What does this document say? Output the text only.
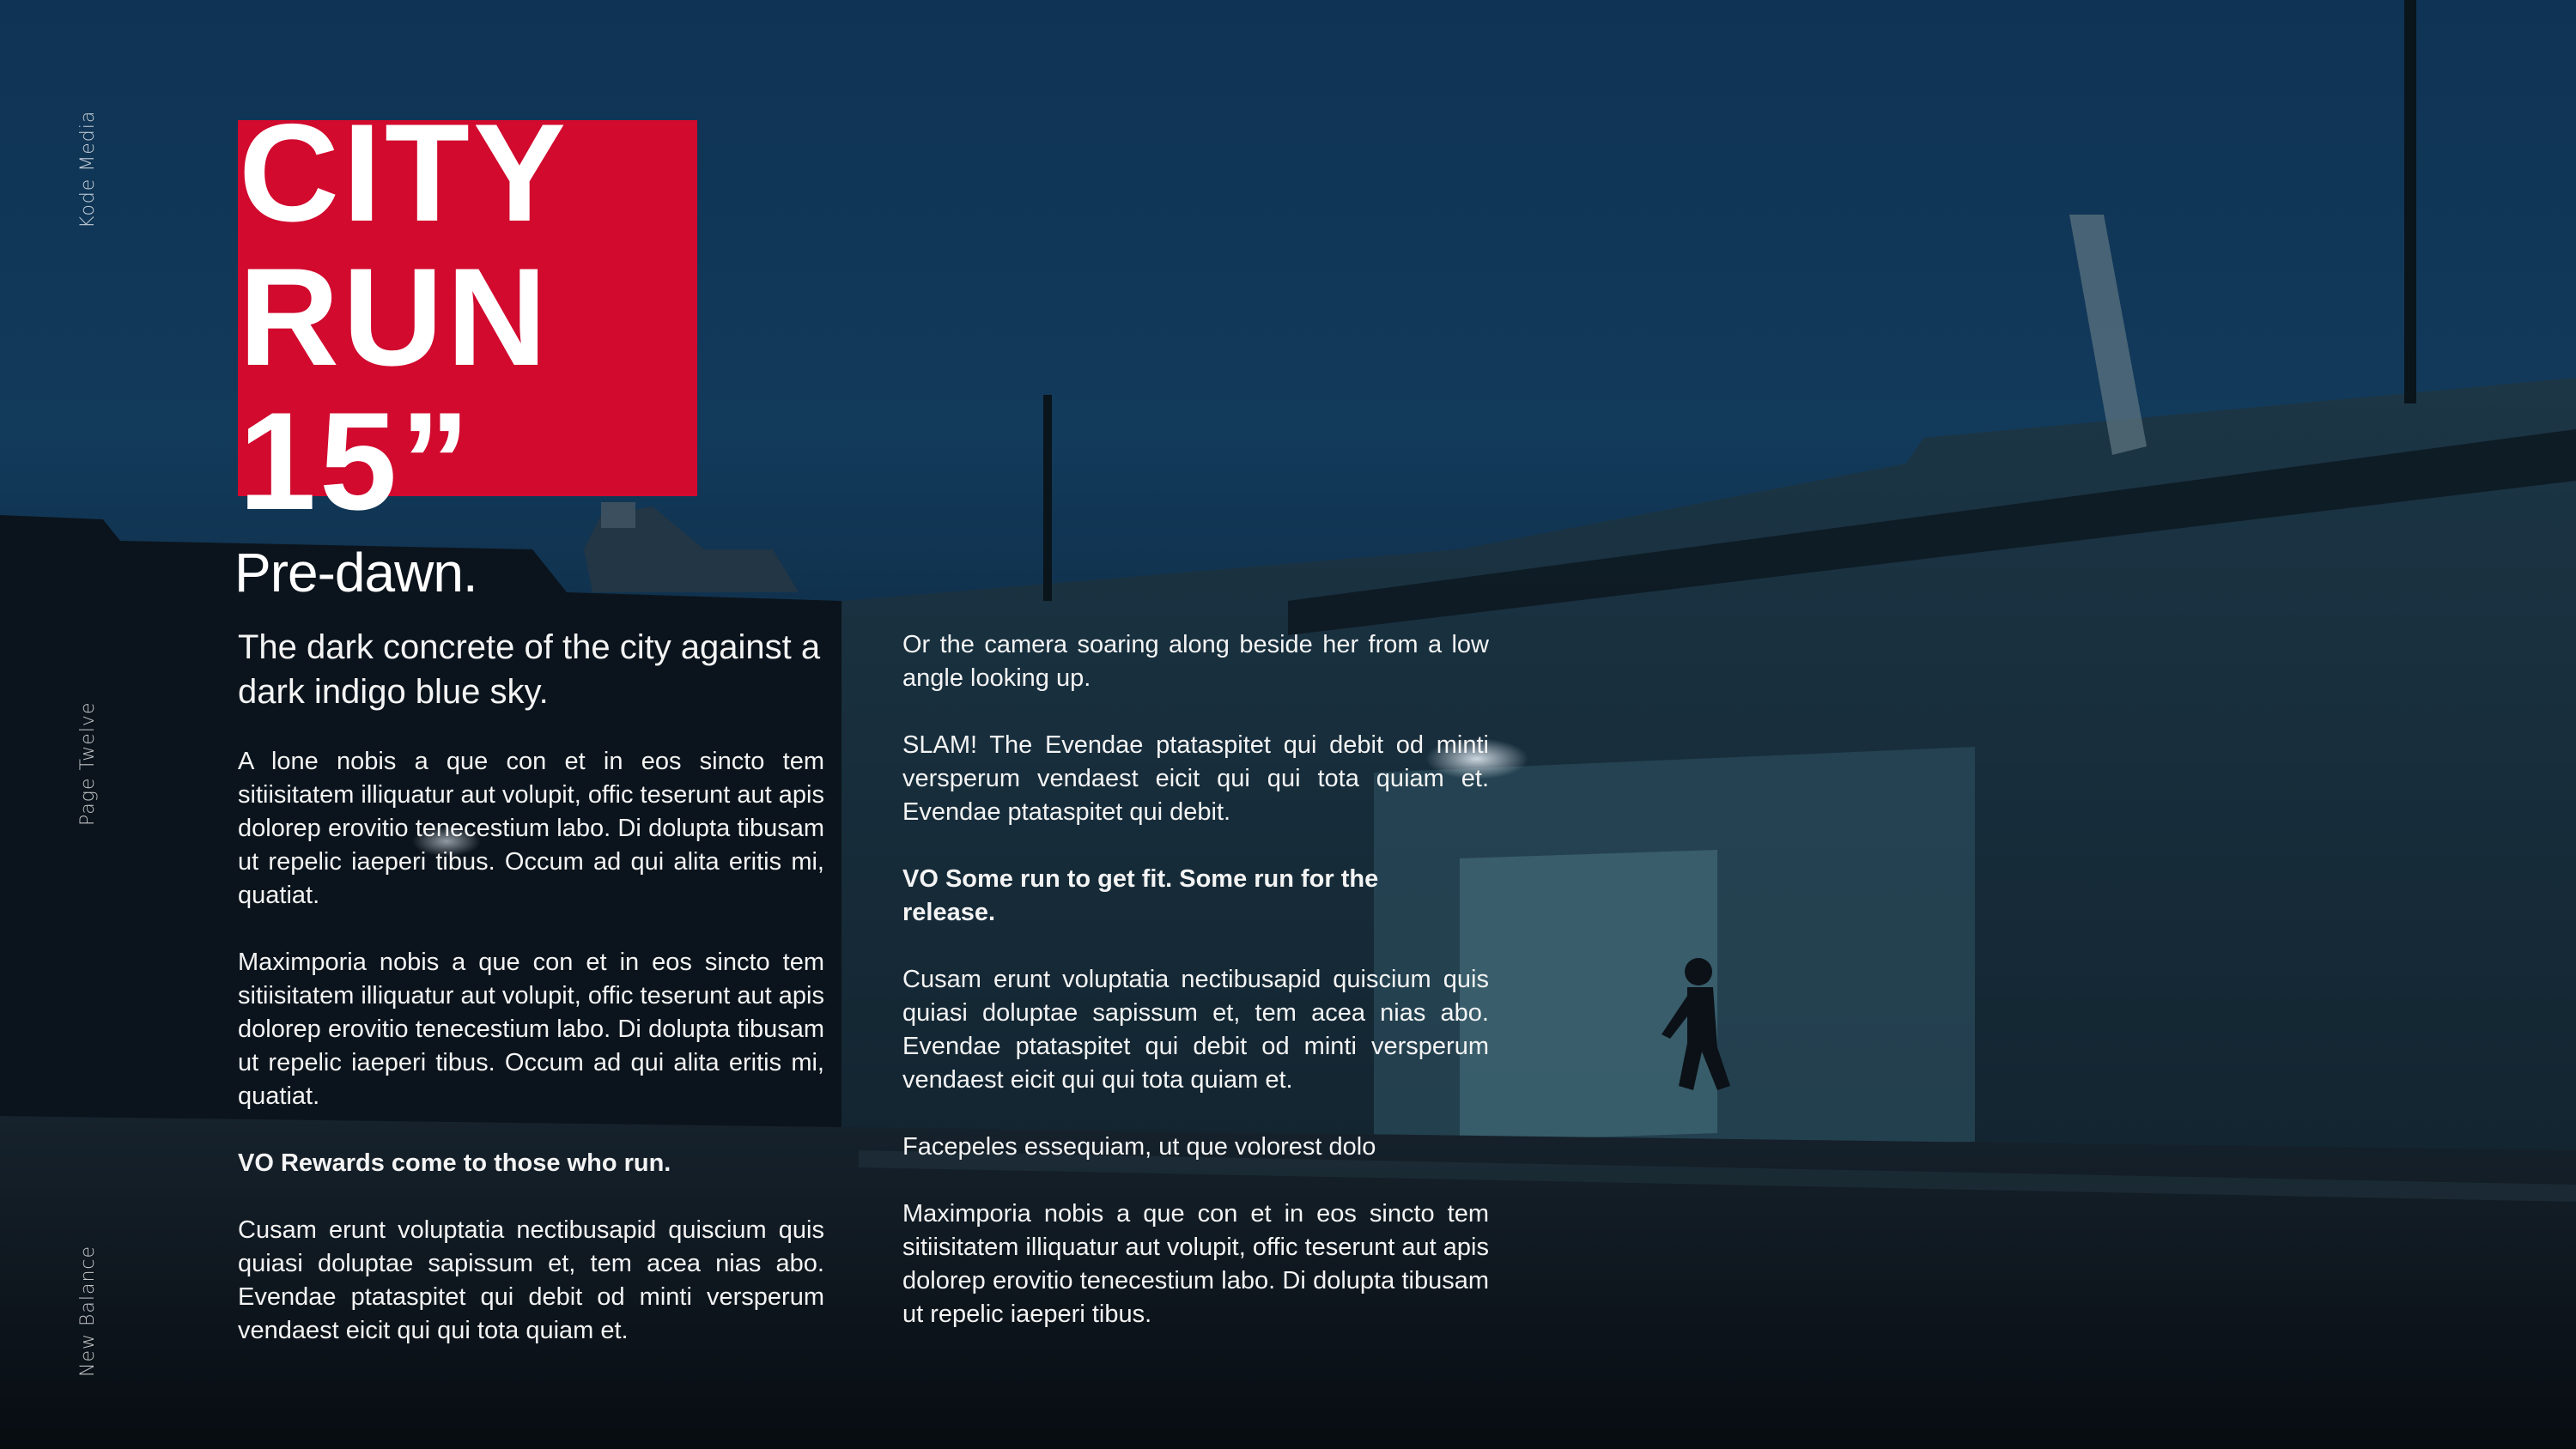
Kode Media
Page Twelve
New Balance
CITY
RUN
15”
Pre-dawn.

The dark concrete of the city against a dark indigo blue sky.

A lone nobis a que con et in eos sincto tem sitiisitatem illiquatur aut volupit, offic teserunt aut apis dolorep erovitio tenecestium labo. Di dolupta tibusam ut repelic iaeperi tibus. Occum ad qui alita eritis mi, quatiat.

Maximporia nobis a que con et in eos sincto tem sitiisitatem illiquatur aut volupit, offic teserunt aut apis dolorep erovitio tenecestium labo. Di dolupta tibusam ut repelic iaeperi tibus. Occum ad qui alita eritis mi, quatiat.

VO Rewards come to those who run.

Cusam erunt voluptatia nectibusapid quiscium quis quiasi doluptae sapissum et, tem acea nias abo. Evendae ptataspitet qui debit od minti versperum vendaest eicit qui qui tota quiam et.

Or the camera soaring along beside her from a low angle looking up.

SLAM! The Evendae ptataspitet qui debit od minti versperum vendaest eicit qui qui tota quiam et. Evendae ptataspitet qui debit.

VO Some run to get fit. Some run for the release.

Cusam erunt voluptatia nectibusapid quiscium quis quiasi doluptae sapissum et, tem acea nias abo. Evendae ptataspitet qui debit od minti versperum vendaest eicit qui qui tota quiam et.

Facepeles essequiam, ut que volorest dolo

Maximporia nobis a que con et in eos sincto tem sitiisitatem illiquatur aut volupit, offic teserunt aut apis dolorep erovitio tenecestium labo. Di dolupta tibusam ut repelic iaeperi tibus.
